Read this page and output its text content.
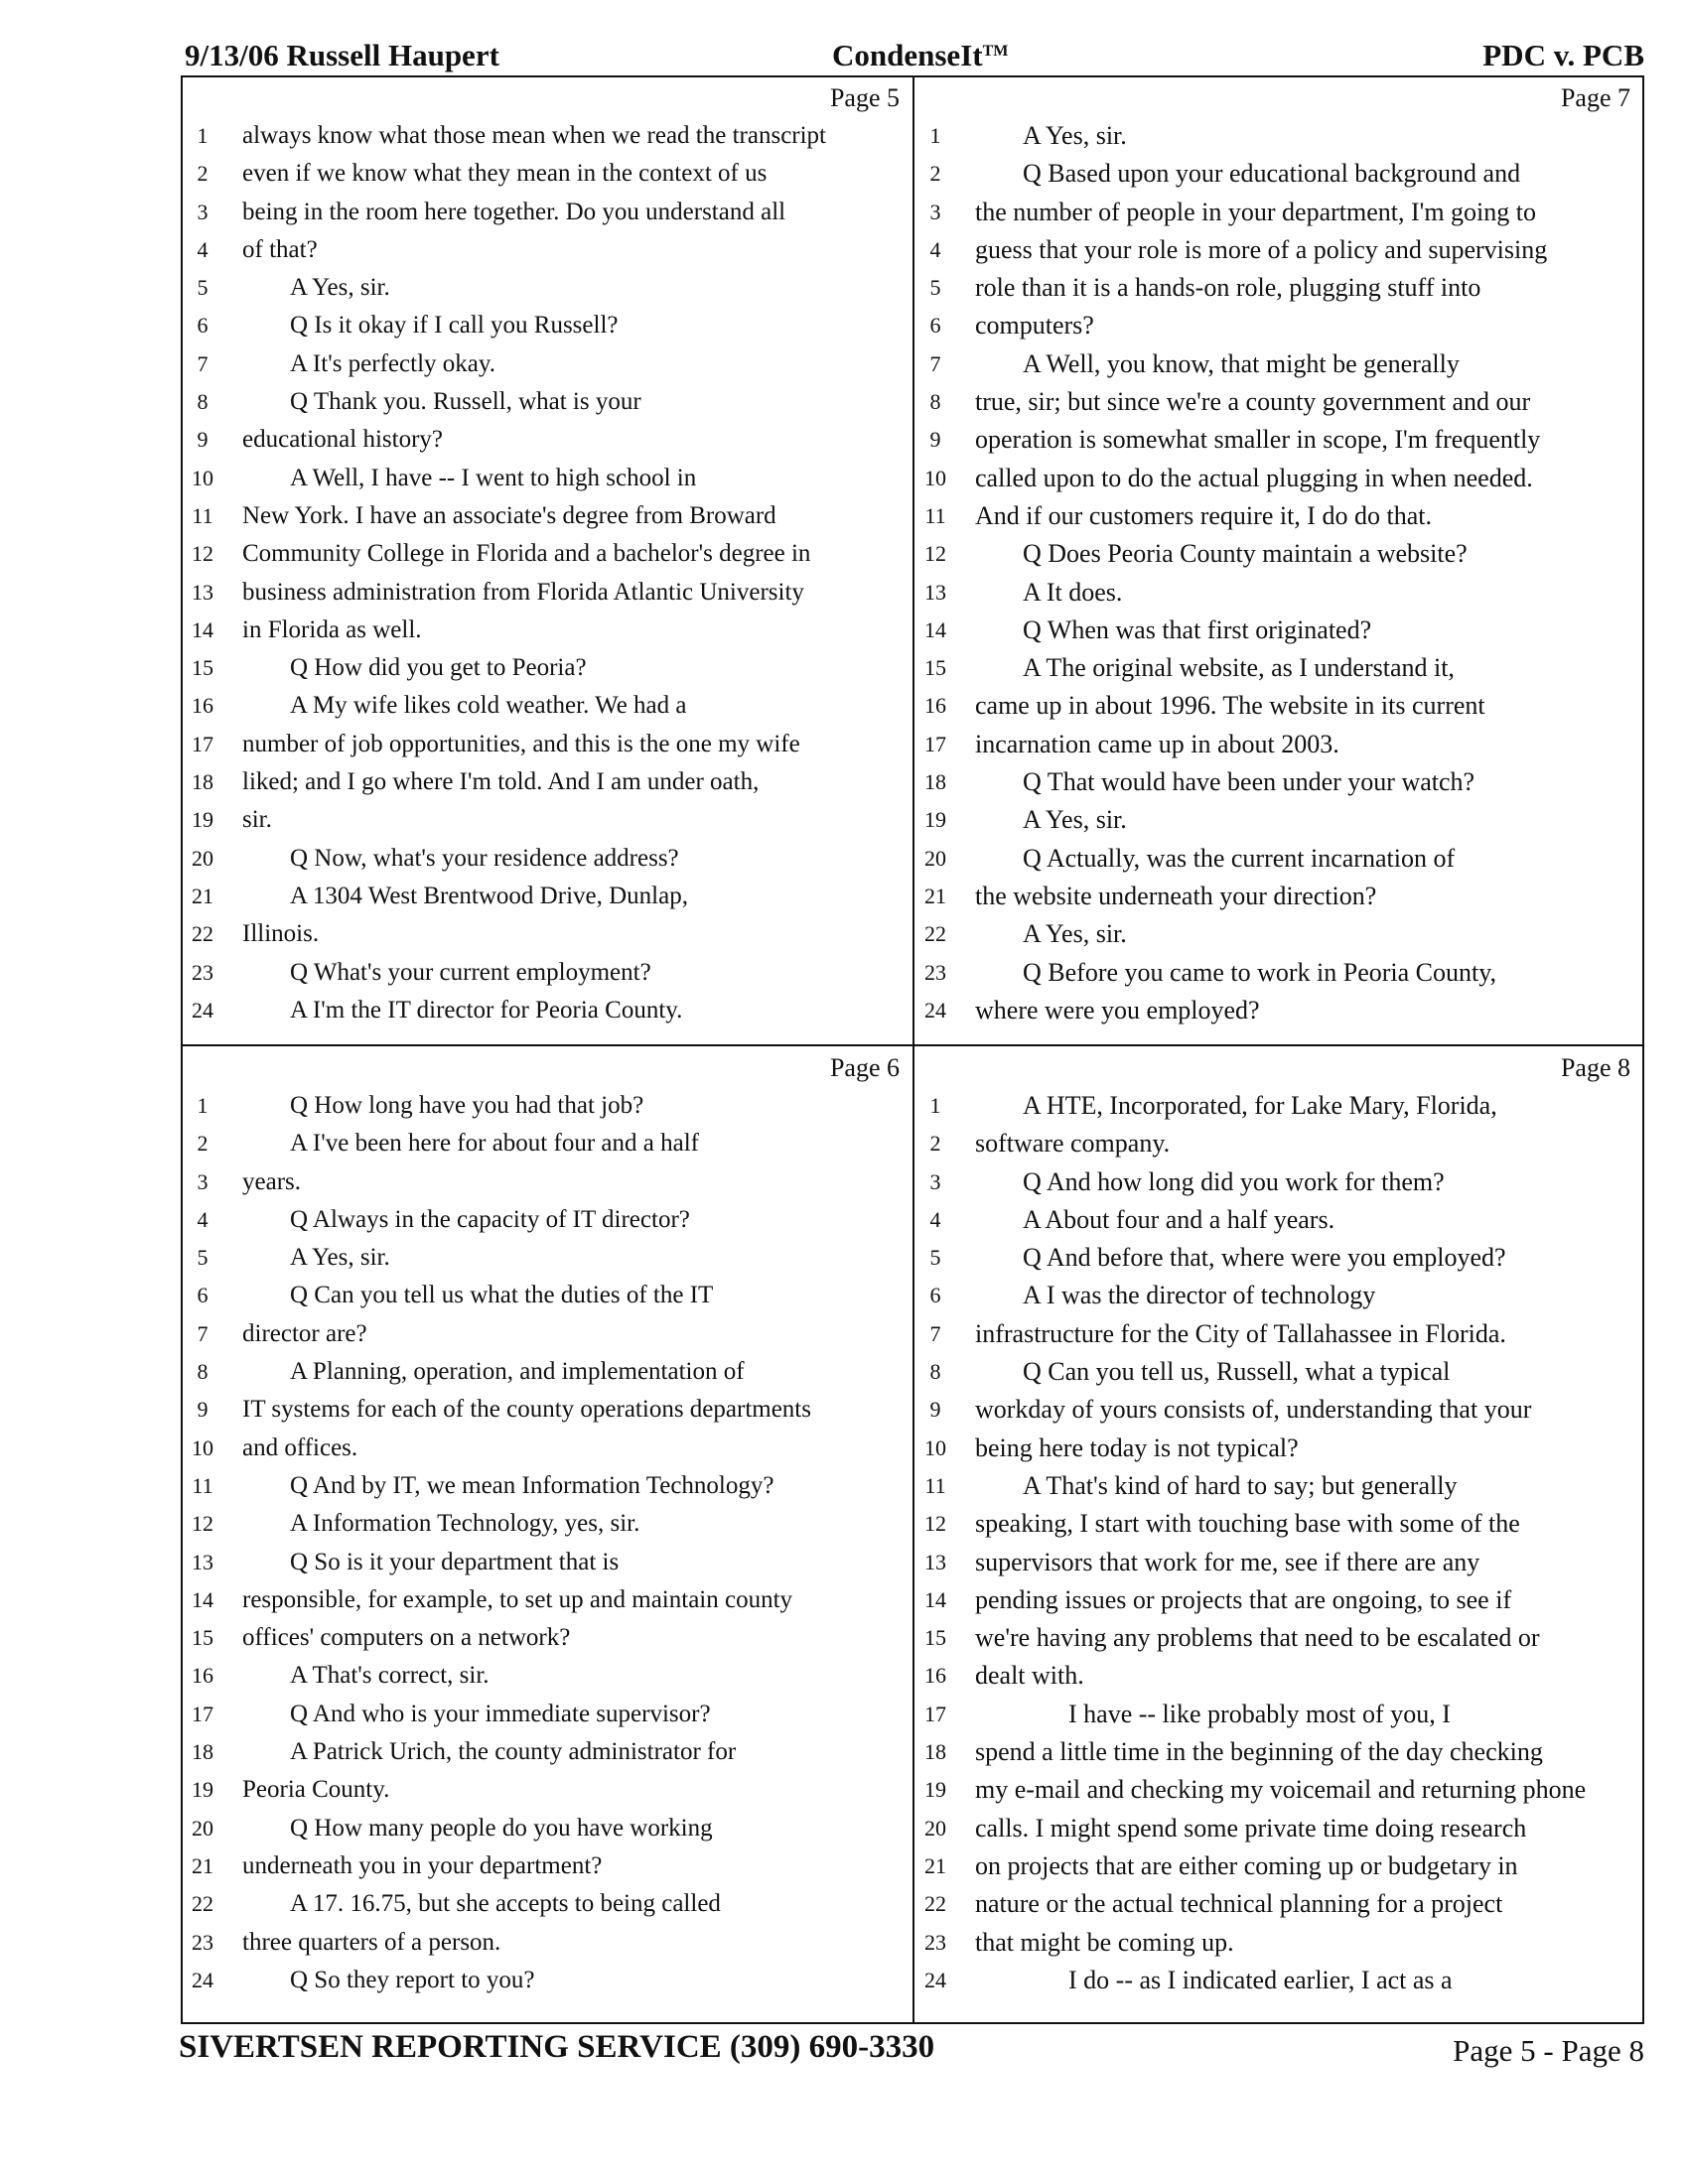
9/13/06 Russell Haupert	CondenseIt™	PDC v. PCB
Page 5
1	always know what those mean when we read the transcript
2	even if we know what they mean in the context of us
3	being in the room here together. Do you understand all
4	of that?
5	A Yes, sir.
6	Q Is it okay if I call you Russell?
7	A It's perfectly okay.
8	Q Thank you. Russell, what is your
9	educational history?
10	A Well, I have -- I went to high school in
11 New York. I have an associate's degree from Broward
12 Community College in Florida and a bachelor's degree in
13 business administration from Florida Atlantic University
14 in Florida as well.
15	Q How did you get to Peoria?
16	A My wife likes cold weather. We had a
17 number of job opportunities, and this is the one my wife
18 liked; and I go where I'm told. And I am under oath,
19 sir.
20	Q Now, what's your residence address?
21	A 1304 West Brentwood Drive, Dunlap,
22 Illinois.
23	Q What's your current employment?
24	A I'm the IT director for Peoria County.
Page 7
1	A Yes, sir.
2	Q Based upon your educational background and
3	the number of people in your department, I'm going to
4	guess that your role is more of a policy and supervising
5	role than it is a hands-on role, plugging stuff into
6	computers?
7	A Well, you know, that might be generally
8	true, sir; but since we're a county government and our
9	operation is somewhat smaller in scope, I'm frequently
10 called upon to do the actual plugging in when needed.
11 And if our customers require it, I do do that.
12	Q Does Peoria County maintain a website?
13	A It does.
14	Q When was that first originated?
15	A The original website, as I understand it,
16 came up in about 1996. The website in its current
17 incarnation came up in about 2003.
18	Q That would have been under your watch?
19	A Yes, sir.
20	Q Actually, was the current incarnation of
21 the website underneath your direction?
22	A Yes, sir.
23	Q Before you came to work in Peoria County,
24 where were you employed?
Page 6
1	Q How long have you had that job?
2	A I've been here for about four and a half
3	years.
4	Q Always in the capacity of IT director?
5	A Yes, sir.
6	Q Can you tell us what the duties of the IT
7	director are?
8	A Planning, operation, and implementation of
9	IT systems for each of the county operations departments
10 and offices.
11	Q And by IT, we mean Information Technology?
12	A Information Technology, yes, sir.
13	Q So is it your department that is
14 responsible, for example, to set up and maintain county
15 offices' computers on a network?
16	A That's correct, sir.
17	Q And who is your immediate supervisor?
18	A Patrick Urich, the county administrator for
19 Peoria County.
20	Q How many people do you have working
21 underneath you in your department?
22	A 17. 16.75, but she accepts to being called
23 three quarters of a person.
24	Q So they report to you?
Page 8
1	A HTE, Incorporated, for Lake Mary, Florida,
2	software company.
3	Q And how long did you work for them?
4	A About four and a half years.
5	Q And before that, where were you employed?
6	A I was the director of technology
7	infrastructure for the City of Tallahassee in Florida.
8	Q Can you tell us, Russell, what a typical
9	workday of yours consists of, understanding that your
10 being here today is not typical?
11	A That's kind of hard to say; but generally
12 speaking, I start with touching base with some of the
13 supervisors that work for me, see if there are any
14 pending issues or projects that are ongoing, to see if
15 we're having any problems that need to be escalated or
16 dealt with.
17	I have -- like probably most of you, I
18 spend a little time in the beginning of the day checking
19 my e-mail and checking my voicemail and returning phone
20 calls. I might spend some private time doing research
21 on projects that are either coming up or budgetary in
22 nature or the actual technical planning for a project
23 that might be coming up.
24	I do -- as I indicated earlier, I act as a
SIVERTSEN REPORTING SERVICE (309) 690-3330	Page 5 - Page 8
